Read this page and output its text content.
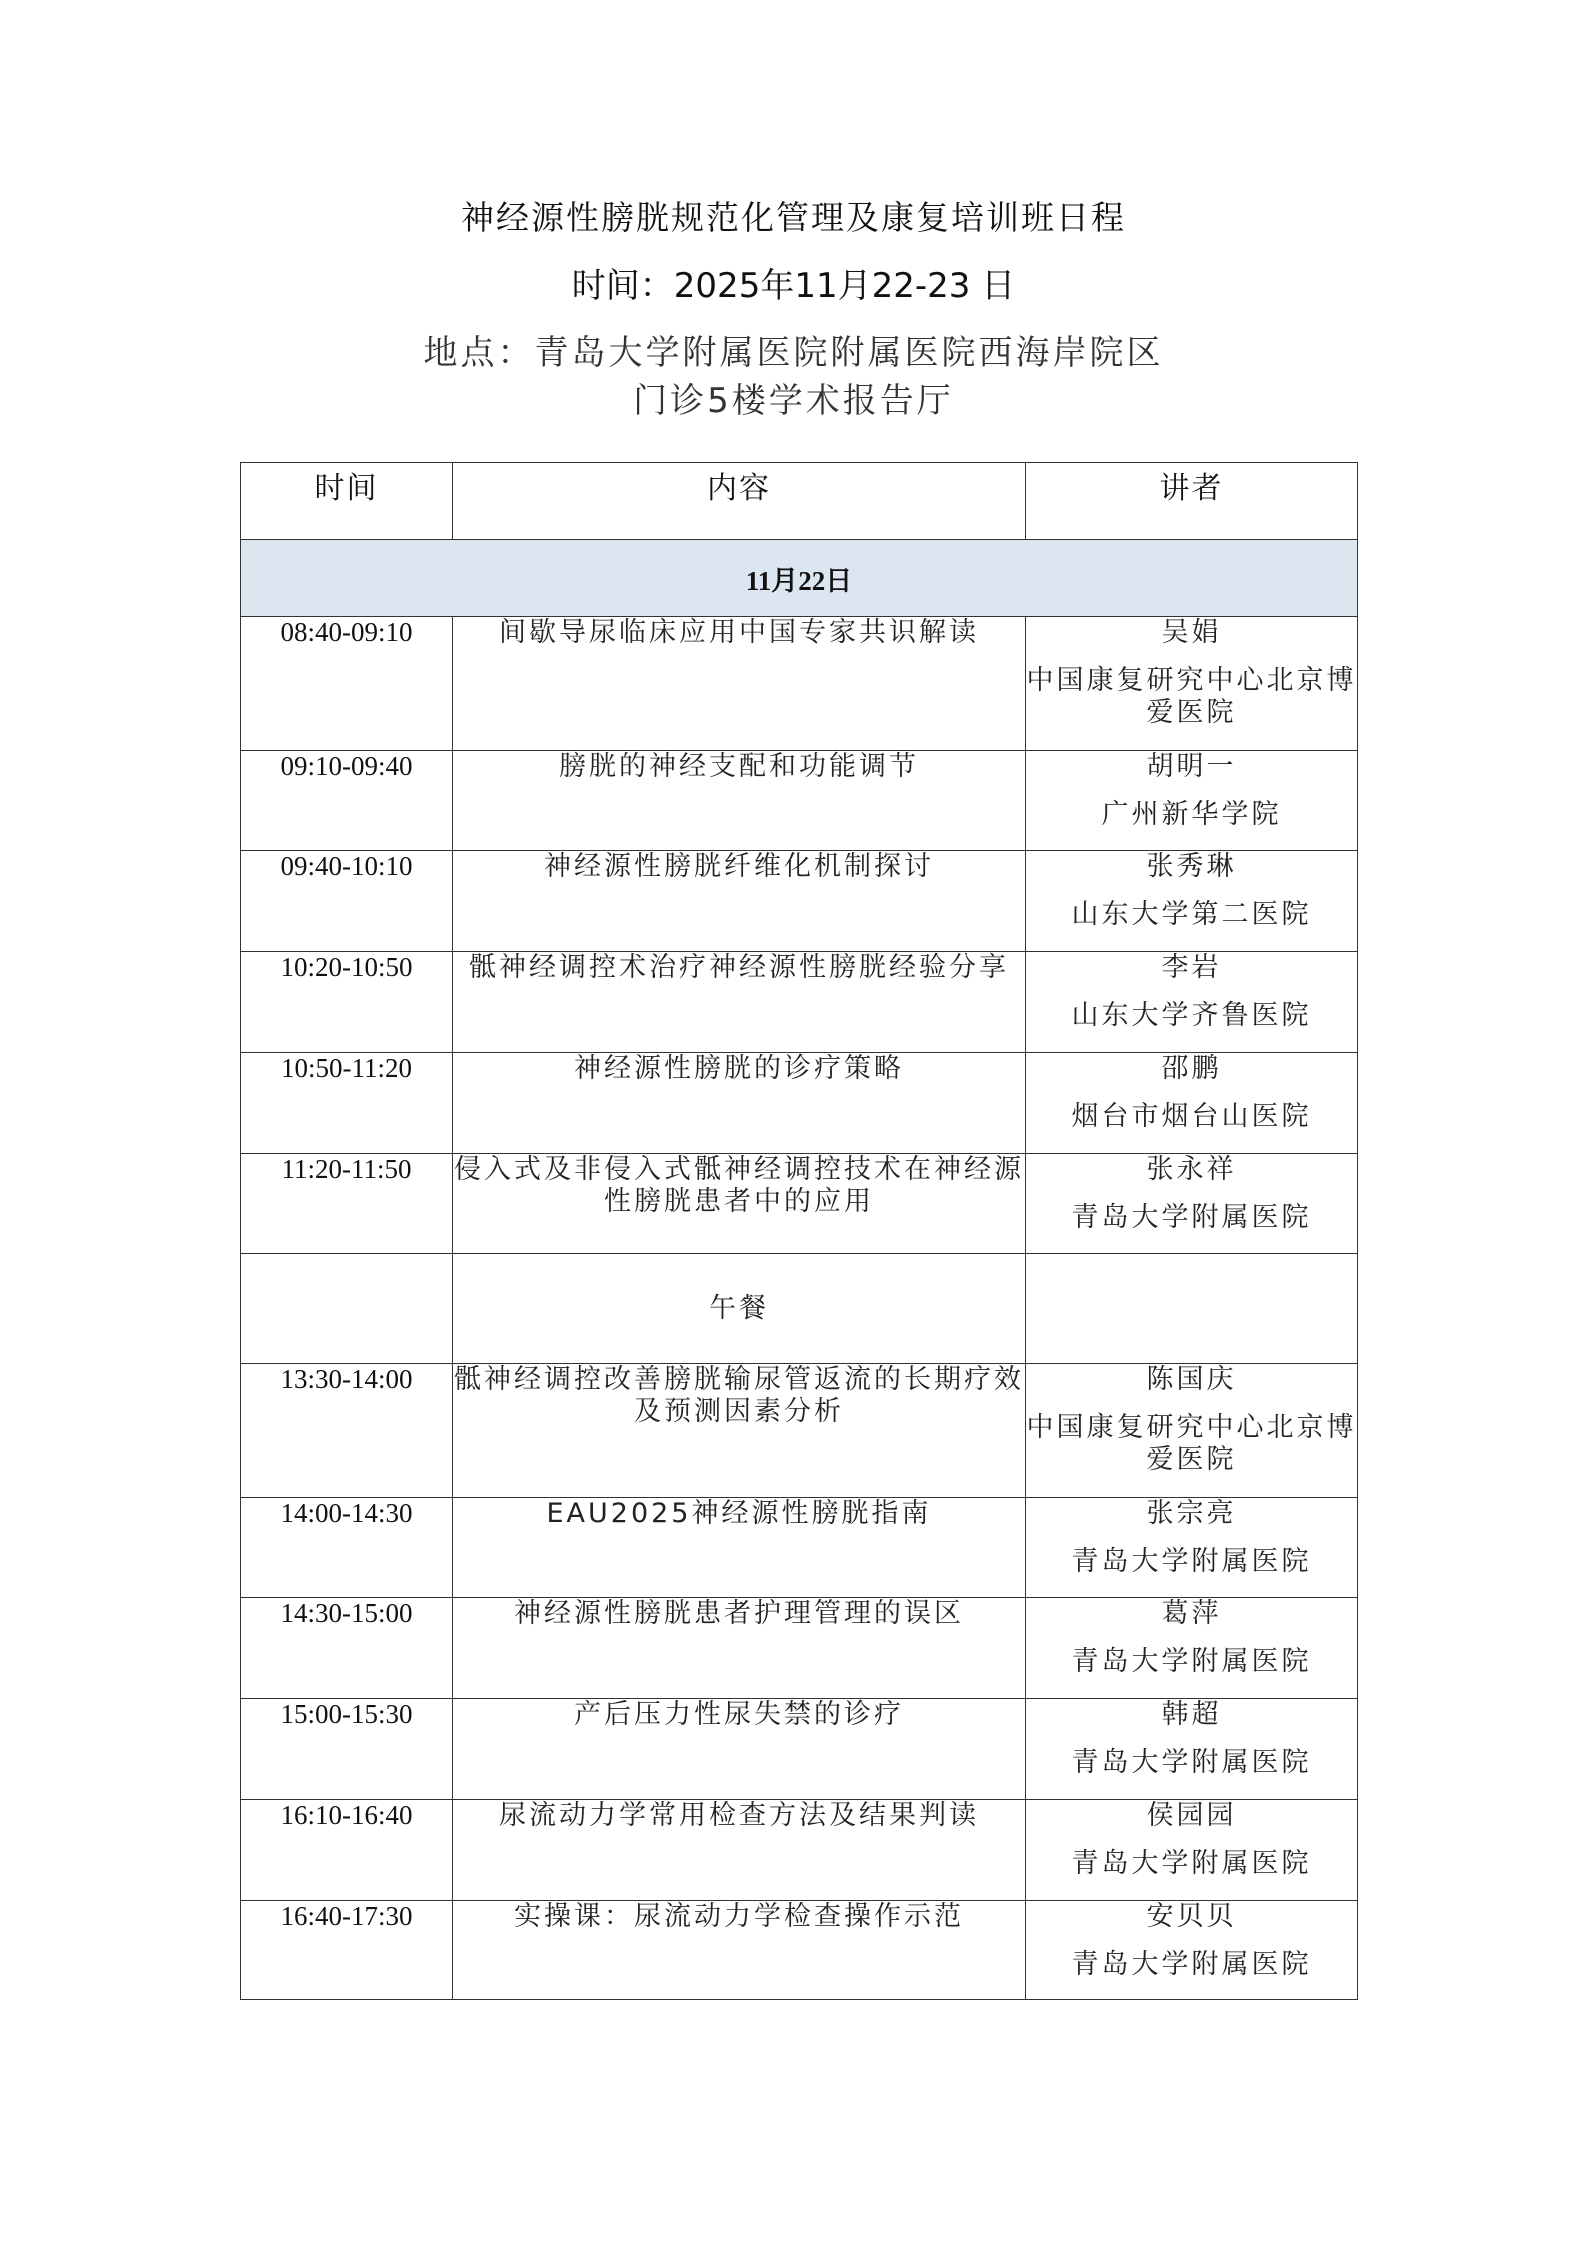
神经源性膀胱规范化管理及康复培训班日程
时间：2025年11月22-23 日
地点：青岛大学附属医院附属医院西海岸院区
门诊5楼学术报告厅
时间	内容	讲者
11月22日		
08:40-09:10	间歇导尿临床应用中国专家共识解读	吴娟
中国康复研究中心北京博爱医院

09:10-09:40	膀胱的神经支配和功能调节	胡明一
广州新华学院

09:40-10:10	神经源性膀胱纤维化机制探讨	张秀琳
山东大学第二医院

10:20-10:50	骶神经调控术治疗神经源性膀胱经验分享	李岩
山东大学齐鲁医院

10:50-11:20	神经源性膀胱的诊疗策略	邵鹏
烟台市烟台山医院

11:20-11:50	侵入式及非侵入式骶神经调控技术在神经源性膀胱患者中的应用	张永祥
青岛大学附属医院

	午餐	

13:30-14:00	骶神经调控改善膀胱输尿管返流的长期疗效及预测因素分析	陈国庆
中国康复研究中心北京博爱医院

14:00-14:30	EAU2025神经源性膀胱指南	张宗亮
青岛大学附属医院

14:30-15:00	神经源性膀胱患者护理管理的误区	葛萍
青岛大学附属医院

15:00-15:30	产后压力性尿失禁的诊疗	韩超
青岛大学附属医院

16:10-16:40	尿流动力学常用检查方法及结果判读	侯园园
青岛大学附属医院

16:40-17:30	实操课：尿流动力学检查操作示范	安贝贝
青岛大学附属医院
